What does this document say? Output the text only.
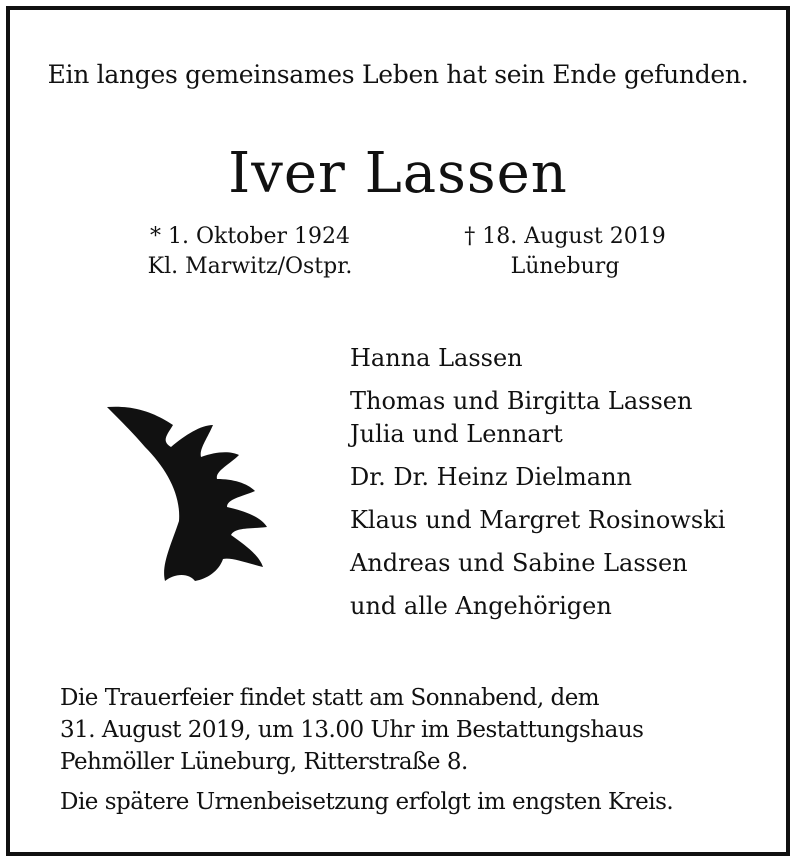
Ein langes gemeinsames Leben hat sein Ende gefunden.
Iver Lassen
* 1. Oktober 1924
Kl. Marwitz/Ostpr.
† 18. August 2019
Lüneburg
Hanna Lassen
Thomas und Birgitta Lassen
Julia und Lennart
Dr. Dr. Heinz Dielmann
Klaus und Margret Rosinowski
Andreas und Sabine Lassen
und alle Angehörigen
Die Trauerfeier findet statt am Sonnabend, dem
31. August 2019, um 13.00 Uhr im Bestattungshaus
Pehmöller Lüneburg, Ritterstraße 8.
Die spätere Urnenbeisetzung erfolgt im engsten Kreis.
